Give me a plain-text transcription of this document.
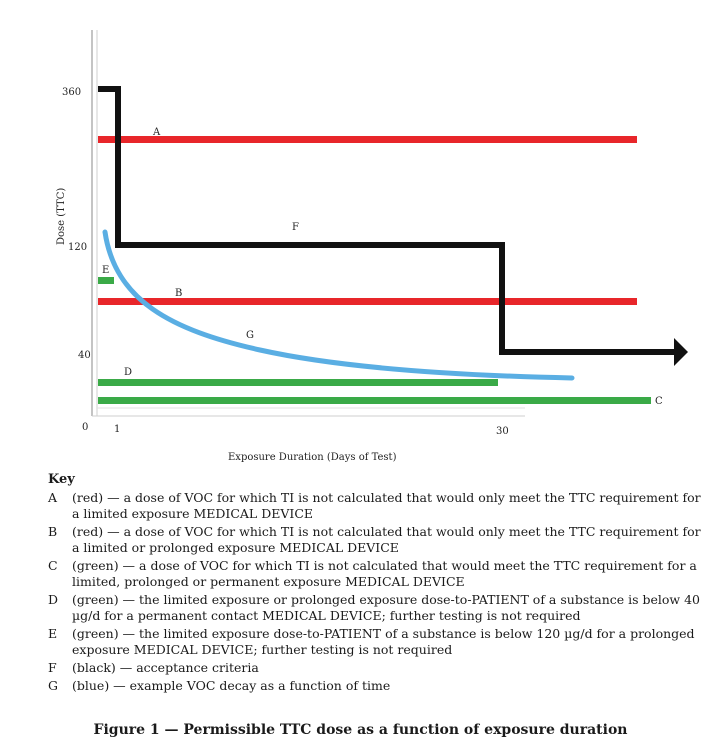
360
120
40
0	1	30
Dose (TTC)
Exposure Duration (Days of Test)
A
F
E
B
G
D
C
Key
A	(red) — a dose of VOC for which TI is not calculated that would only meet the TTC requirement for a limited exposure MEDICAL DEVICE
B	(red) — a dose of VOC for which TI is not calculated that would only meet the TTC requirement for a limited or prolonged exposure MEDICAL DEVICE
C	(green) — a dose of VOC for which TI is not calculated that would meet the TTC requirement for a limited, prolonged or permanent exposure MEDICAL DEVICE
D	(green) — the limited exposure or prolonged exposure dose-to-PATIENT of a substance is below 40 µg/d for a permanent contact MEDICAL DEVICE; further testing is not required
E	(green) — the limited exposure dose-to-PATIENT of a substance is below 120 µg/d for a prolonged exposure MEDICAL DEVICE; further testing is not required
F	(black) — acceptance criteria
G	(blue) — example VOC decay as a function of time
Figure 1 — Permissible TTC dose as a function of exposure duration
